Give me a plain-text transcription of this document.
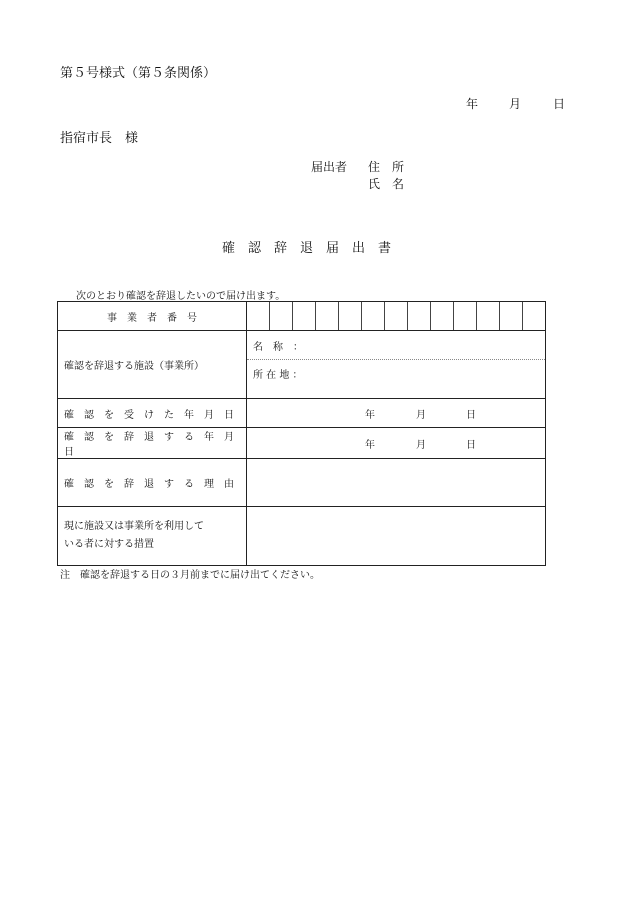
第５号様式（第５条関係）
年	月	日
指宿市長　様
届出者 住　所
氏　名
確　認　辞　退　届　出　書
次のとおり確認を辞退したいので届け出ます。
事　業　者　番　号	

確認を辞退する施設（事業所）	名　称　：
所 在 地 ：

確　認　を　受　け　た　年　月　日	年 月 日

確　認　を　辞　退　す　る　年　月　日	年 月 日

確　認　を　辞　退　す　る　理　由	

現に施設又は事業所を利用して
いる者に対する措置	

注　確認を辞退する日の３月前までに届け出てください。
